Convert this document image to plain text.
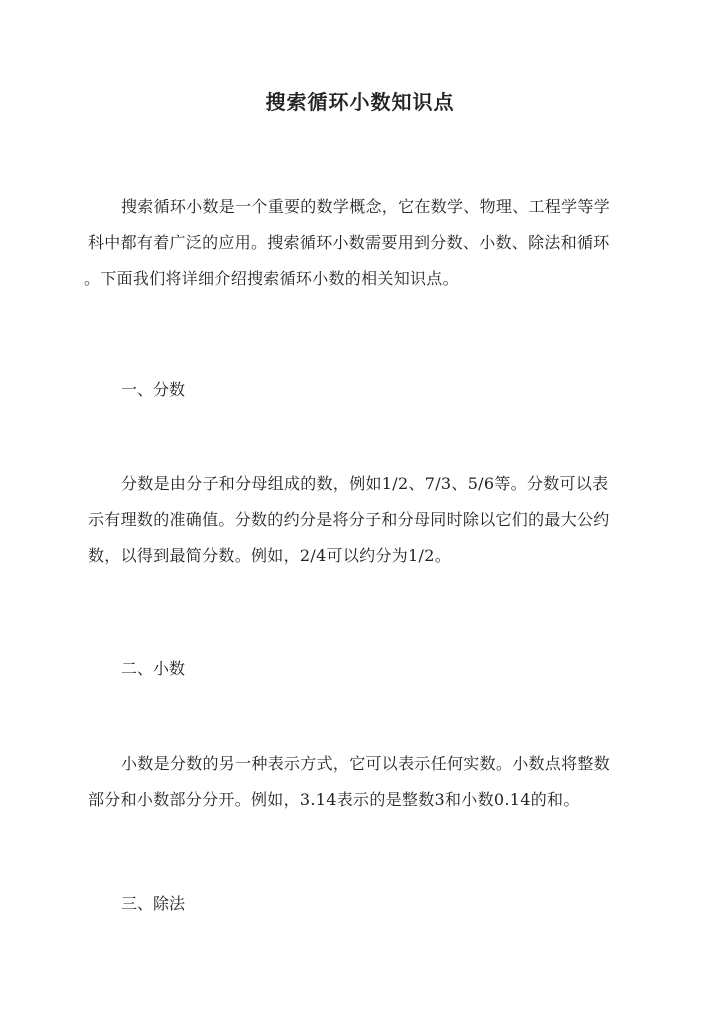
搜索循环小数知识点

搜索循环小数是一个重要的数学概念，它在数学、物理、工程学等学
科中都有着广泛的应用。搜索循环小数需要用到分数、小数、除法和循环
。下面我们将详细介绍搜索循环小数的相关知识点。

一、分数

分数是由分子和分母组成的数，例如1/2、7/3、5/6等。分数可以表
示有理数的准确值。分数的约分是将分子和分母同时除以它们的最大公约
数，以得到最简分数。例如，2/4可以约分为1/2。

二、小数

小数是分数的另一种表示方式，它可以表示任何实数。小数点将整数
部分和小数部分分开。例如，3.14表示的是整数3和小数0.14的和。

三、除法
